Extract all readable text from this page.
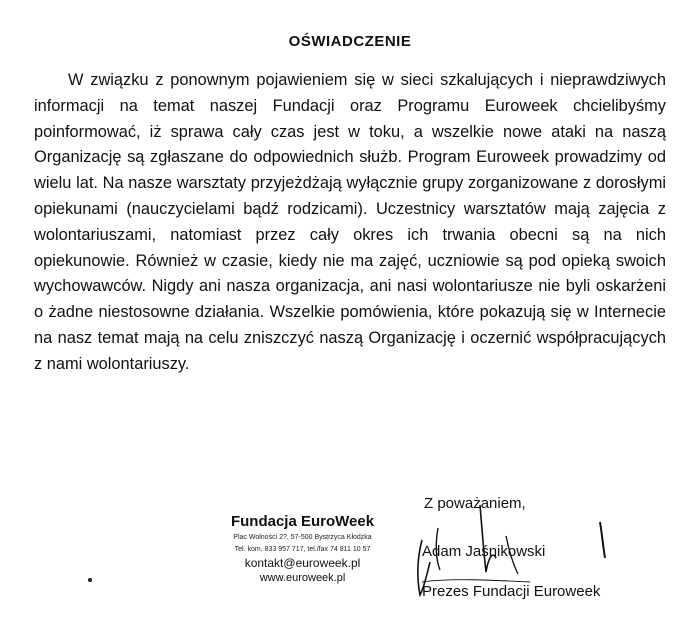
OŚWIADCZENIE

W związku z ponownym pojawieniem się w sieci szkalujących i nieprawdziwych informacji na temat naszej Fundacji oraz Programu Euroweek chcielibyśmy poinformować, iż sprawa cały czas jest w toku, a wszelkie nowe ataki na naszą Organizację są zgłaszane do odpowiednich służb. Program Euroweek prowadzimy od wielu lat. Na nasze warsztaty przyjeżdżają wyłącznie grupy zorganizowane z dorosłymi opiekunami (nauczycielami bądź rodzicami). Uczestnicy warsztatów mają zajęcia z wolontariuszami, natomiast przez cały okres ich trwania obecni są na nich opiekunowie. Również w czasie, kiedy nie ma zajęć, uczniowie są pod opieką swoich wychowawców. Nigdy ani nasza organizacja, ani nasi wolontariusze nie byli oskarżeni o żadne niestosowne działania. Wszelkie pomówienia, które pokazują się w Internecie na nasz temat mają na celu zniszczyć naszą Organizację i oczernić współpracujących z nami wolontariuszy.

Fundacja EuroWeek
Plac Wolności 2?, 57-500 Bystrzyca Kłodzka
Tel. kom. 833 957 717, tel./fax 74 811 10 57
kontakt@euroweek.pl
www.euroweek.pl
Z poważaniem,
Adam Jaśnikowski
Prezes Fundacji Euroweek
